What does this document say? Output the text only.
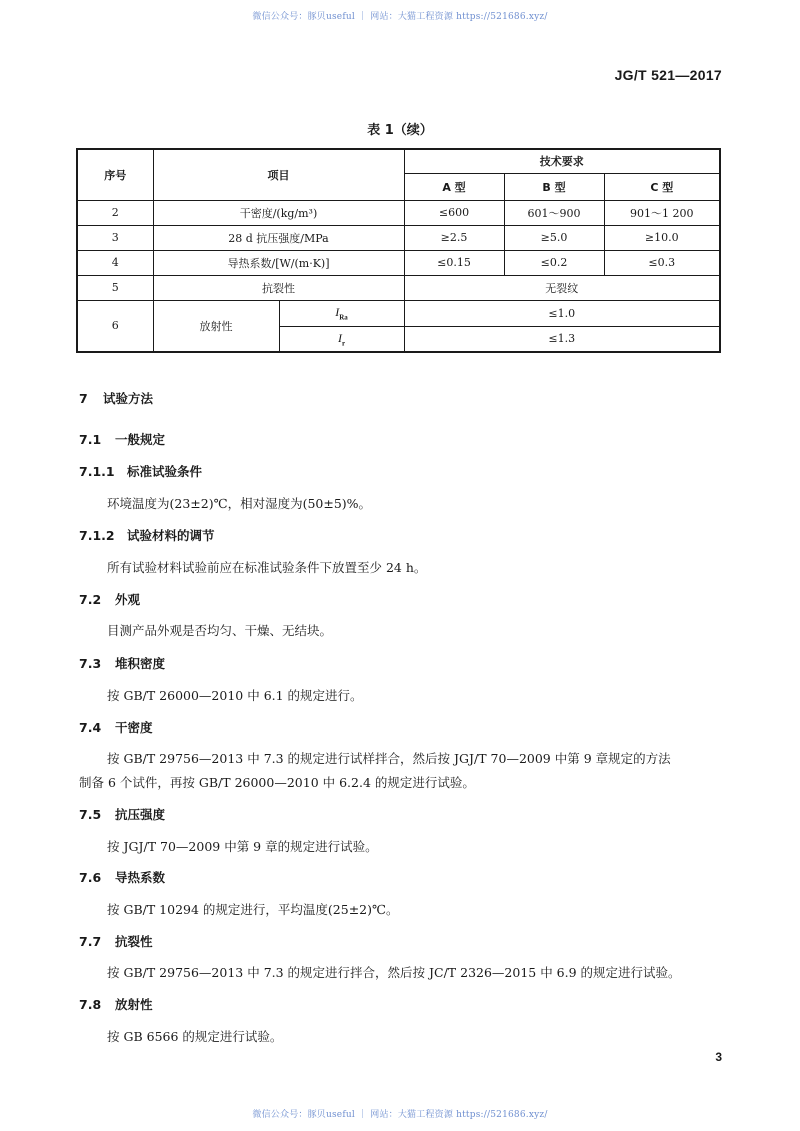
微信公众号：豚贝useful ｜ 网站：大猫工程资源 https://521686.xyz/
JG/T 521—2017
表 1（续）
序号	项目		技术要求		
			A 型	B 型	C 型
2	干密度/(kg/m³)		≤600	601～900	901～1 200
3	28 d 抗压强度/MPa		≥2.5	≥5.0	≥10.0
4	导热系数/[W/(m·K)]		≤0.15	≤0.2	≤0.3
5	抗裂性		无裂纹		
6	放射性	$I_{Ra}$	≤1.0		
		$I_r$	≤1.3		
7 试验方法
7.1 一般规定
7.1.1 标准试验条件
环境温度为(23±2)℃，相对湿度为(50±5)%。
7.1.2 试验材料的调节
所有试验材料试验前应在标准试验条件下放置至少 24 h。
7.2 外观
目测产品外观是否均匀、干燥、无结块。
7.3 堆积密度
按 GB/T 26000—2010 中 6.1 的规定进行。
7.4 干密度
按 GB/T 29756—2013 中 7.3 的规定进行试样拌合，然后按 JGJ/T 70—2009 中第 9 章规定的方法
制备 6 个试件，再按 GB/T 26000—2010 中 6.2.4 的规定进行试验。
7.5 抗压强度
按 JGJ/T 70—2009 中第 9 章的规定进行试验。
7.6 导热系数
按 GB/T 10294 的规定进行，平均温度(25±2)℃。
7.7 抗裂性
按 GB/T 29756—2013 中 7.3 的规定进行拌合，然后按 JC/T 2326—2015 中 6.9 的规定进行试验。
7.8 放射性
按 GB 6566 的规定进行试验。
3
微信公众号：豚贝useful ｜ 网站：大猫工程资源 https://521686.xyz/
